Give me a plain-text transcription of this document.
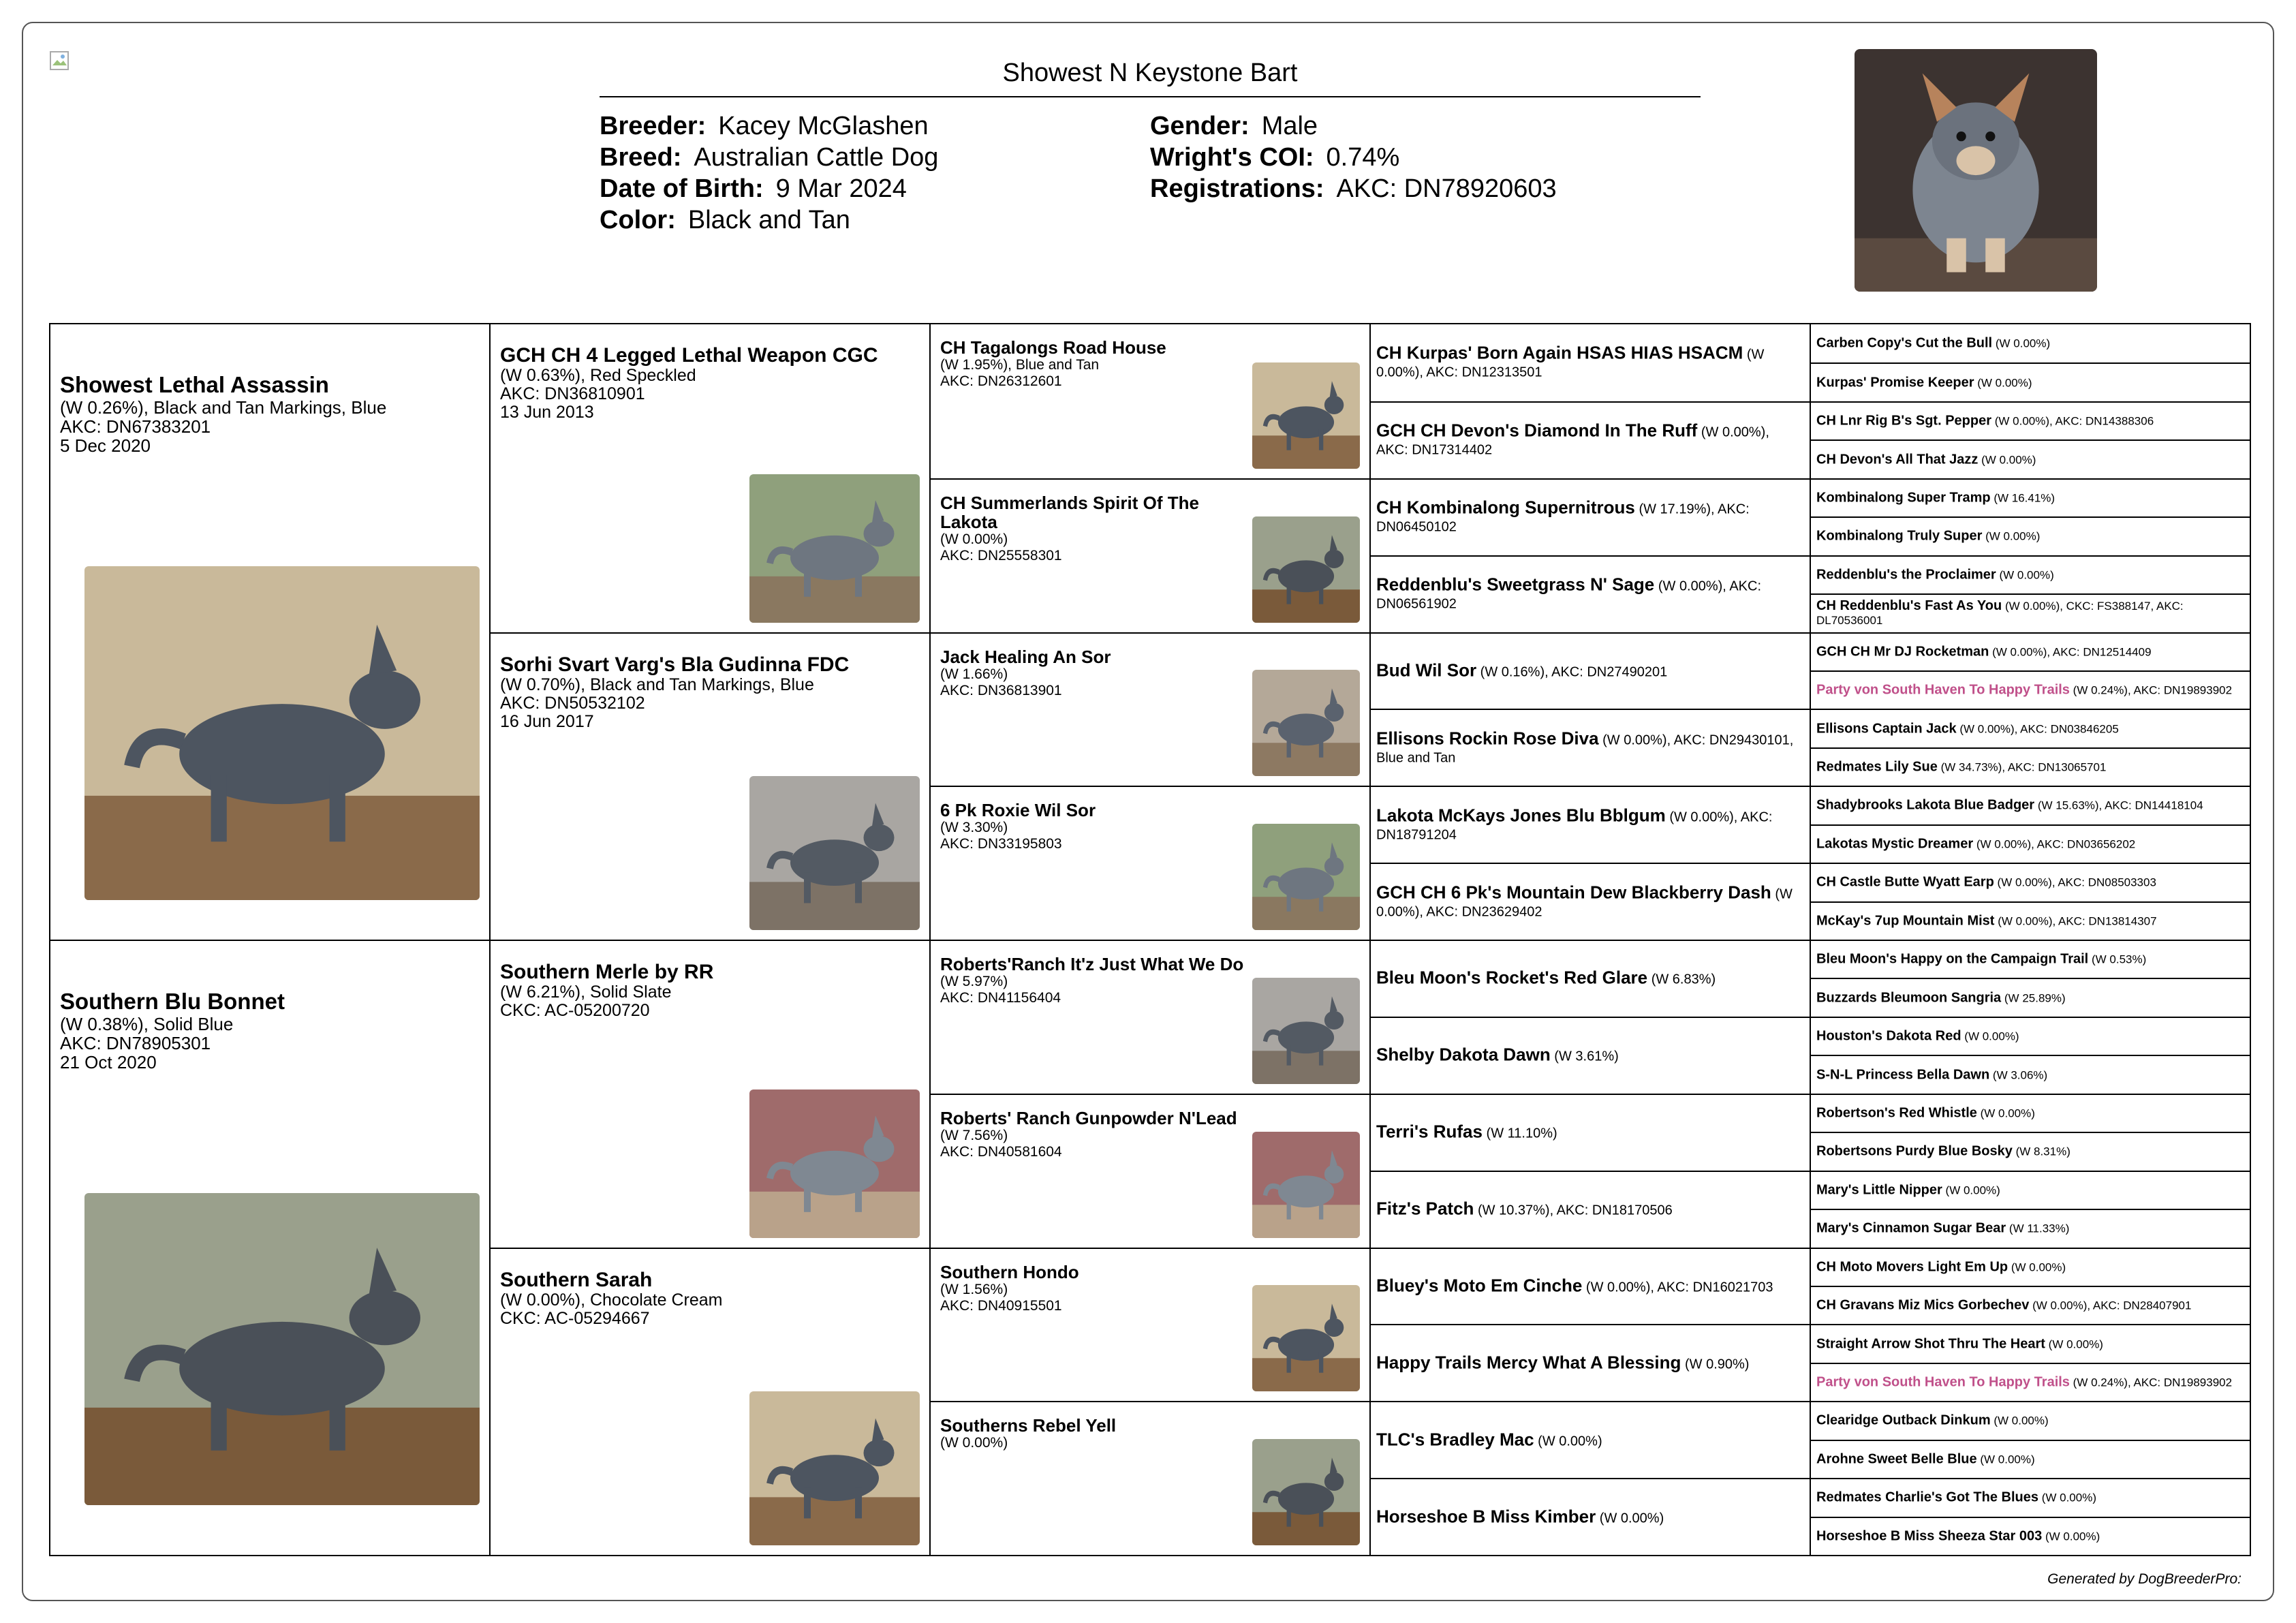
Showest N Keystone Bart
Breeder: Kacey McGlashen
Breed: Australian Cattle Dog
Date of Birth: 9 Mar 2024
Color: Black and Tan
Gender: Male
Wright's COI: 0.74%
Registrations: AKC: DN78920603
Showest Lethal Assassin
(W 0.26%), Black and Tan Markings, Blue
AKC: DN67383201
5 Dec 2020
Southern Blu Bonnet
(W 0.38%), Solid Blue
AKC: DN78905301
21 Oct 2020
GCH CH 4 Legged Lethal Weapon CGC
(W 0.63%), Red Speckled
AKC: DN36810901
13 Jun 2013
Sorhi Svart Varg's Bla Gudinna FDC
(W 0.70%), Black and Tan Markings, Blue
AKC: DN50532102
16 Jun 2017
Southern Merle by RR
(W 6.21%), Solid Slate
CKC: AC-05200720
Southern Sarah
(W 0.00%), Chocolate Cream
CKC: AC-05294667
CH Tagalongs Road House
(W 1.95%), Blue and Tan
AKC: DN26312601
CH Summerlands Spirit Of The Lakota
(W 0.00%)
AKC: DN25558301
Jack Healing An Sor
(W 1.66%)
AKC: DN36813901
6 Pk Roxie Wil Sor
(W 3.30%)
AKC: DN33195803
Roberts'Ranch It'z Just What We Do
(W 5.97%)
AKC: DN41156404
Roberts' Ranch Gunpowder N'Lead
(W 7.56%)
AKC: DN40581604
Southern Hondo
(W 1.56%)
AKC: DN40915501
Southerns Rebel Yell
(W 0.00%)
CH Kurpas' Born Again HSAS HIAS HSACM (W 0.00%), AKC: DN12313501
GCH CH Devon's Diamond In The Ruff (W 0.00%), AKC: DN17314402
CH Kombinalong Supernitrous (W 17.19%), AKC: DN06450102
Reddenblu's Sweetgrass N' Sage (W 0.00%), AKC: DN06561902
Bud Wil Sor (W 0.16%), AKC: DN27490201
Ellisons Rockin Rose Diva (W 0.00%), AKC: DN29430101, Blue and Tan
Lakota McKays Jones Blu Bblgum (W 0.00%), AKC: DN18791204
GCH CH 6 Pk's Mountain Dew Blackberry Dash (W 0.00%), AKC: DN23629402
Bleu Moon's Rocket's Red Glare (W 6.83%)
Shelby Dakota Dawn (W 3.61%)
Terri's Rufas (W 11.10%)
Fitz's Patch (W 10.37%), AKC: DN18170506
Bluey's Moto Em Cinche (W 0.00%), AKC: DN16021703
Happy Trails Mercy What A Blessing (W 0.90%)
TLC's Bradley Mac (W 0.00%)
Horseshoe B Miss Kimber (W 0.00%)
Carben Copy's Cut the Bull (W 0.00%)
Kurpas' Promise Keeper (W 0.00%)
CH Lnr Rig B's Sgt. Pepper (W 0.00%), AKC: DN14388306
CH Devon's All That Jazz (W 0.00%)
Kombinalong Super Tramp (W 16.41%)
Kombinalong Truly Super (W 0.00%)
Reddenblu's the Proclaimer (W 0.00%)
CH Reddenblu's Fast As You (W 0.00%), CKC: FS388147, AKC: DL70536001
GCH CH Mr DJ Rocketman (W 0.00%), AKC: DN12514409
Party von South Haven To Happy Trails (W 0.24%), AKC: DN19893902
Ellisons Captain Jack (W 0.00%), AKC: DN03846205
Redmates Lily Sue (W 34.73%), AKC: DN13065701
Shadybrooks Lakota Blue Badger (W 15.63%), AKC: DN14418104
Lakotas Mystic Dreamer (W 0.00%), AKC: DN03656202
CH Castle Butte Wyatt Earp (W 0.00%), AKC: DN08503303
McKay's 7up Mountain Mist (W 0.00%), AKC: DN13814307
Bleu Moon's Happy on the Campaign Trail (W 0.53%)
Buzzards Bleumoon Sangria (W 25.89%)
Houston's Dakota Red (W 0.00%)
S-N-L Princess Bella Dawn (W 3.06%)
Robertson's Red Whistle (W 0.00%)
Robertsons Purdy Blue Bosky (W 8.31%)
Mary's Little Nipper (W 0.00%)
Mary's Cinnamon Sugar Bear (W 11.33%)
CH Moto Movers Light Em Up (W 0.00%)
CH Gravans Miz Mics Gorbechev (W 0.00%), AKC: DN28407901
Straight Arrow Shot Thru The Heart (W 0.00%)
Party von South Haven To Happy Trails (W 0.24%), AKC: DN19893902
Clearidge Outback Dinkum (W 0.00%)
Arohne Sweet Belle Blue (W 0.00%)
Redmates Charlie's Got The Blues (W 0.00%)
Horseshoe B Miss Sheeza Star 003 (W 0.00%)
Generated by DogBreederPro:
